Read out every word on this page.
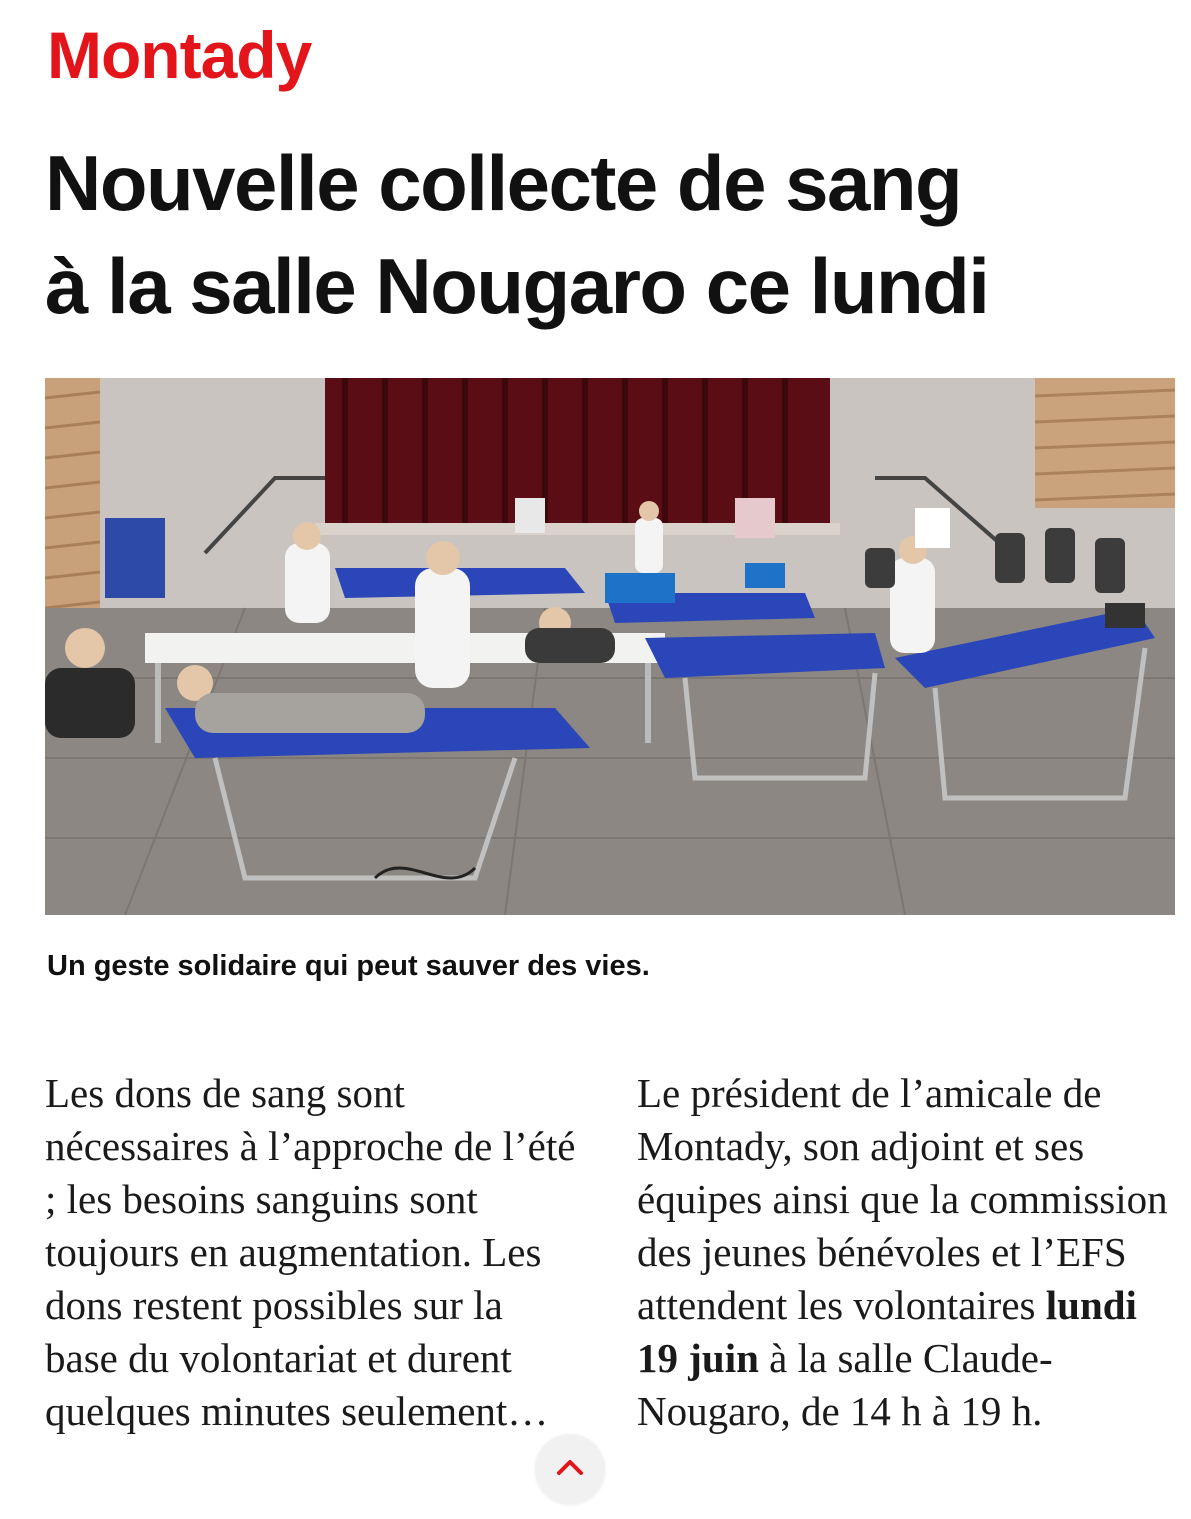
Montady
Nouvelle collecte de sang
à la salle Nougaro ce lundi

Un geste solidaire qui peut sauver des vies.

Les dons de sang sont nécessaires à l’approche de l’été ; les besoins sanguins sont toujours en augmentation. Les dons restent possibles sur la base du volontariat et durent quelques minutes seulement…

Le président de l’amicale de Montady, son adjoint et ses équipes ainsi que la commission des jeunes bénévoles et l’EFS attendent les volontaires lundi 19 juin à la salle Claude-Nougaro, de 14 h à 19 h.
